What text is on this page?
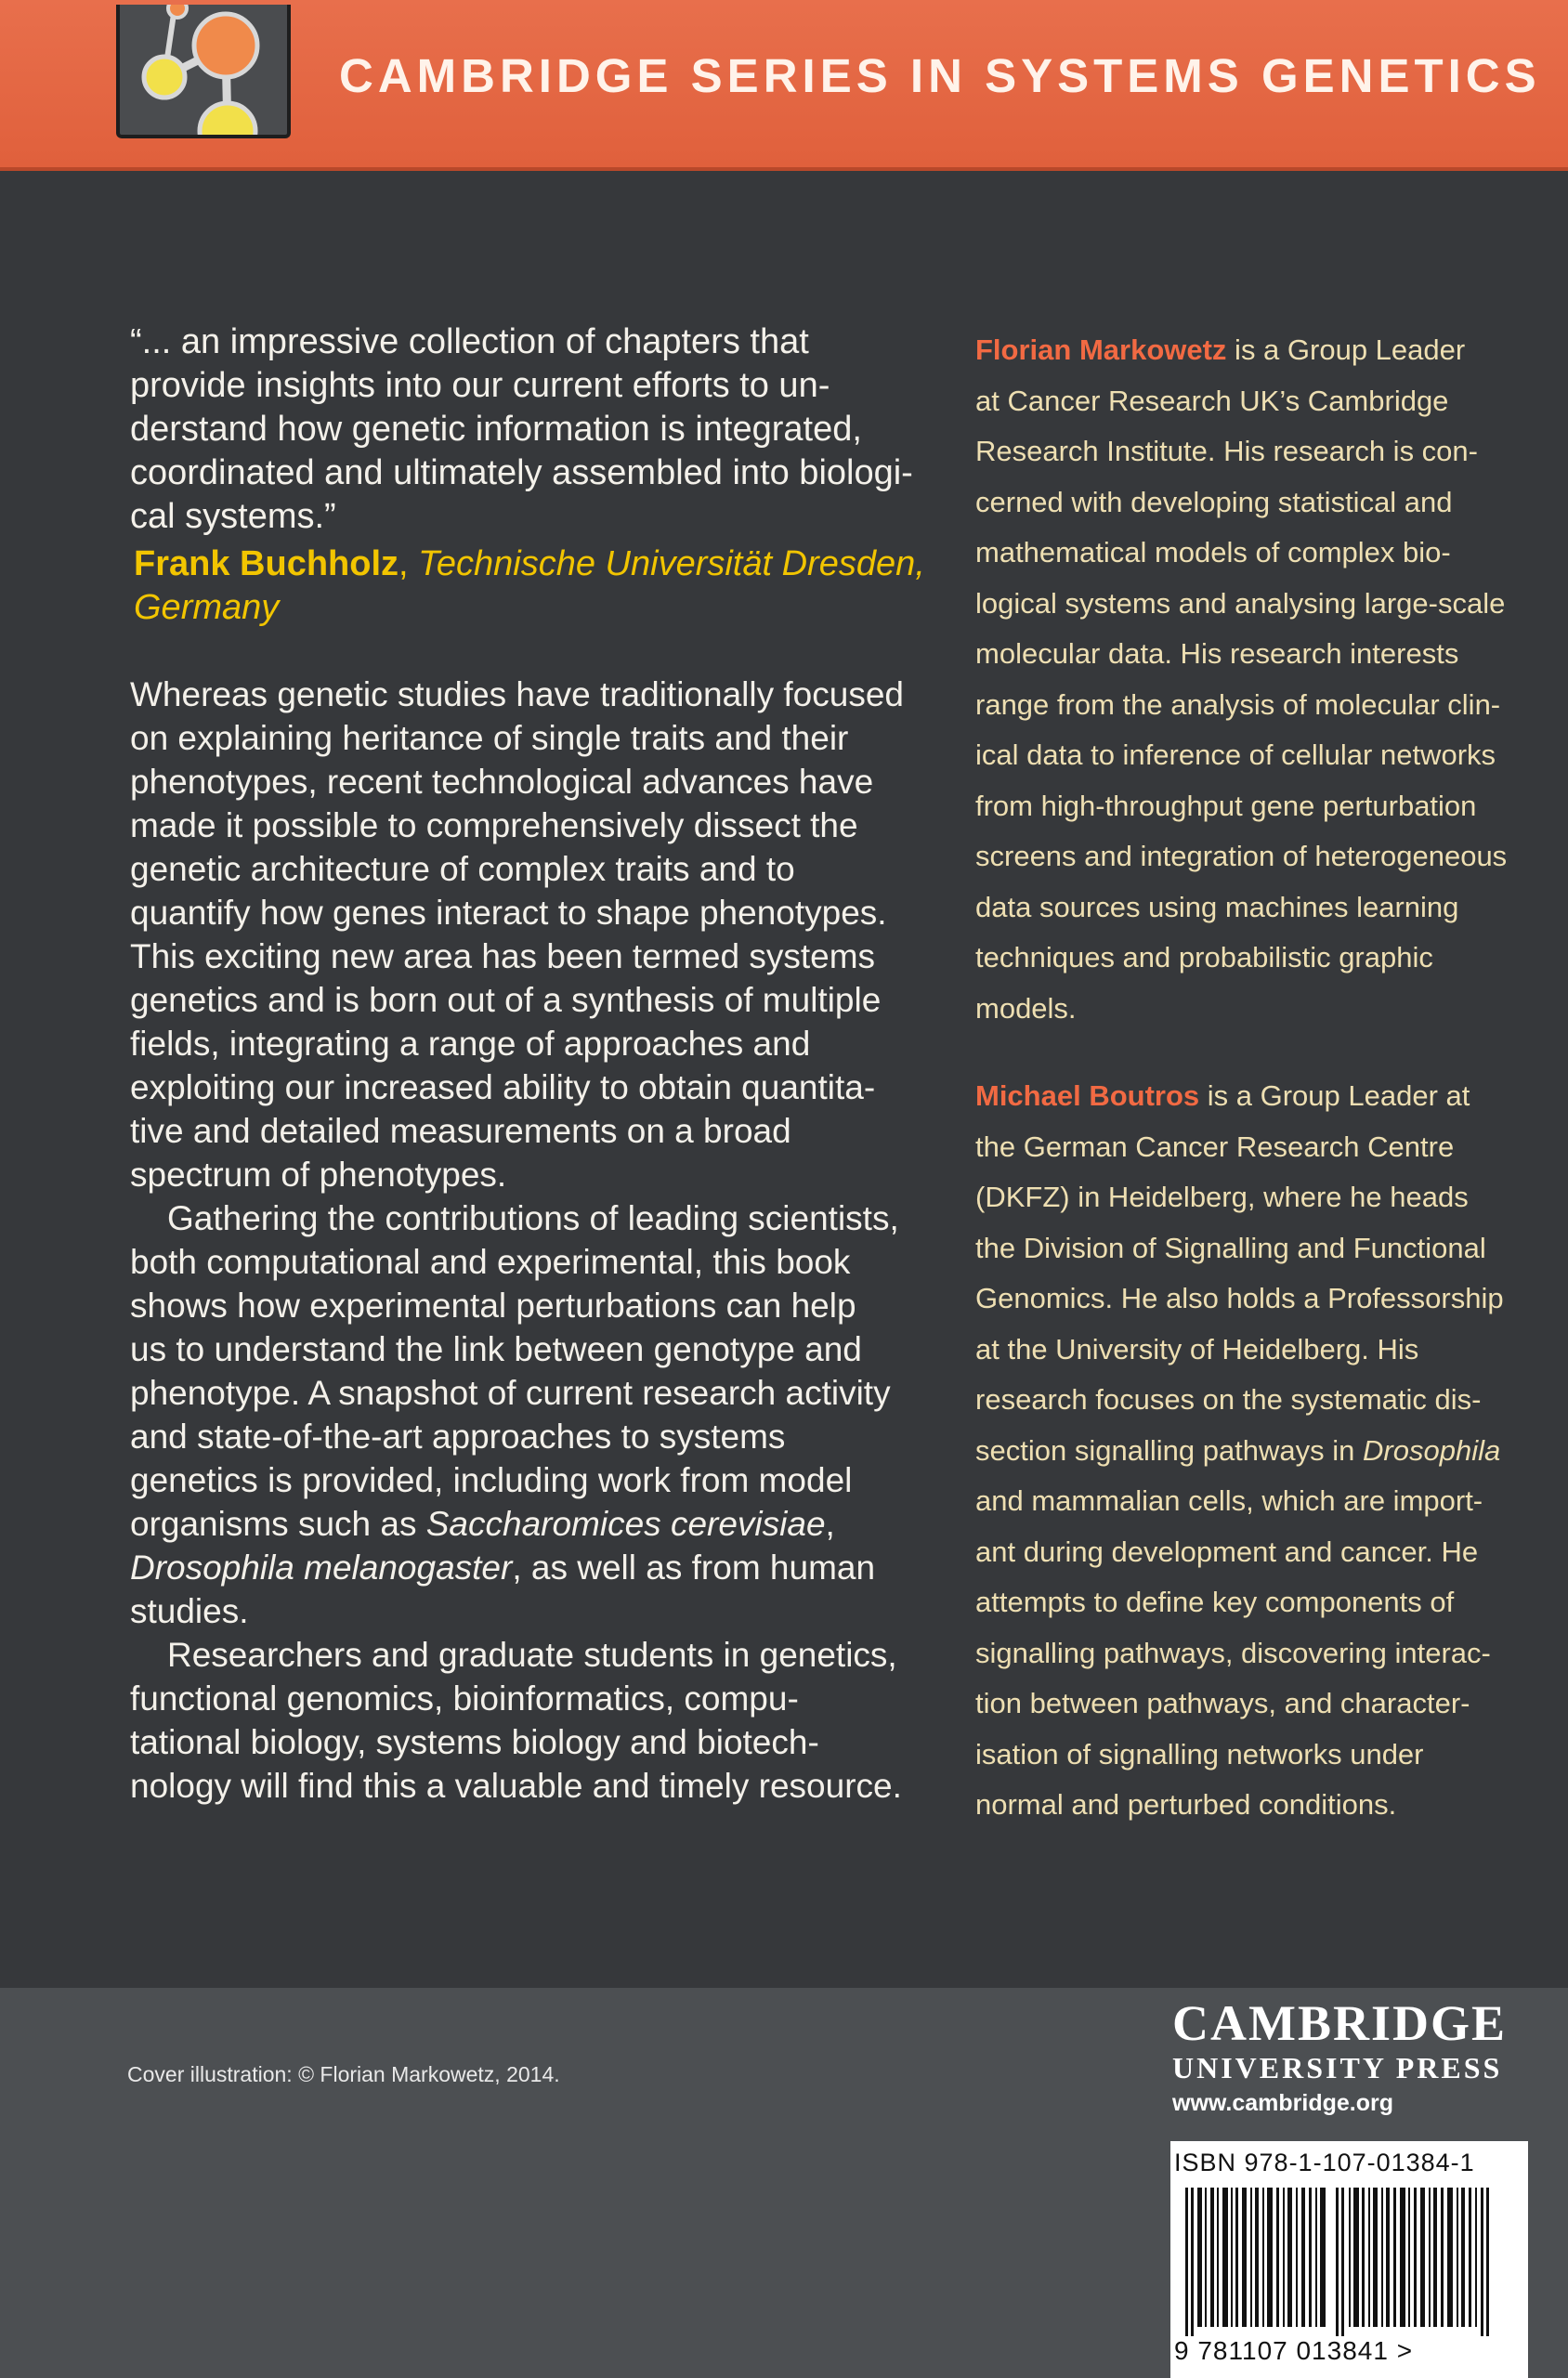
CAMBRIDGE SERIES IN SYSTEMS GENETICS

“... an impressive collection of chapters that
provide insights into our current efforts to un-
derstand how genetic information is integrated,
coordinated and ultimately assembled into biologi-
cal systems.”

Frank Buchholz, Technische Universität Dresden,
Germany

Whereas genetic studies have traditionally focused
on explaining heritance of single traits and their
phenotypes, recent technological advances have
made it possible to comprehensively dissect the
genetic architecture of complex traits and to
quantify how genes interact to shape phenotypes.
This exciting new area has been termed systems
genetics and is born out of a synthesis of multiple
fields, integrating a range of approaches and
exploiting our increased ability to obtain quantita-
tive and detailed measurements on a broad
spectrum of phenotypes.

Gathering the contributions of leading scientists,
both computational and experimental, this book
shows how experimental perturbations can help
us to understand the link between genotype and
phenotype. A snapshot of current research activity
and state-of-the-art approaches to systems
genetics is provided, including work from model
organisms such as Saccharomices cerevisiae,
Drosophila melanogaster, as well as from human
studies.

Researchers and graduate students in genetics,
functional genomics, bioinformatics, compu-
tational biology, systems biology and biotech-
nology will find this a valuable and timely resource.

Florian Markowetz is a Group Leader
at Cancer Research UK’s Cambridge
Research Institute. His research is con-
cerned with developing statistical and
mathematical models of complex bio-
logical systems and analysing large-scale
molecular data. His research interests
range from the analysis of molecular clin-
ical data to inference of cellular networks
from high-throughput gene perturbation
screens and integration of heterogeneous
data sources using machines learning
techniques and probabilistic graphic
models.

Michael Boutros is a Group Leader at
the German Cancer Research Centre
(DKFZ) in Heidelberg, where he heads
the Division of Signalling and Functional
Genomics. He also holds a Professorship
at the University of Heidelberg. His
research focuses on the systematic dis-
section signalling pathways in Drosophila
and mammalian cells, which are import-
ant during development and cancer. He
attempts to define key components of
signalling pathways, discovering interac-
tion between pathways, and character-
isation of signalling networks under
normal and perturbed conditions.

Cover illustration: © Florian Markowetz, 2014.
CAMBRIDGE
UNIVERSITY PRESS
www.cambridge.org
ISBN 978-1-107-01384-1
9 781107 013841 >
